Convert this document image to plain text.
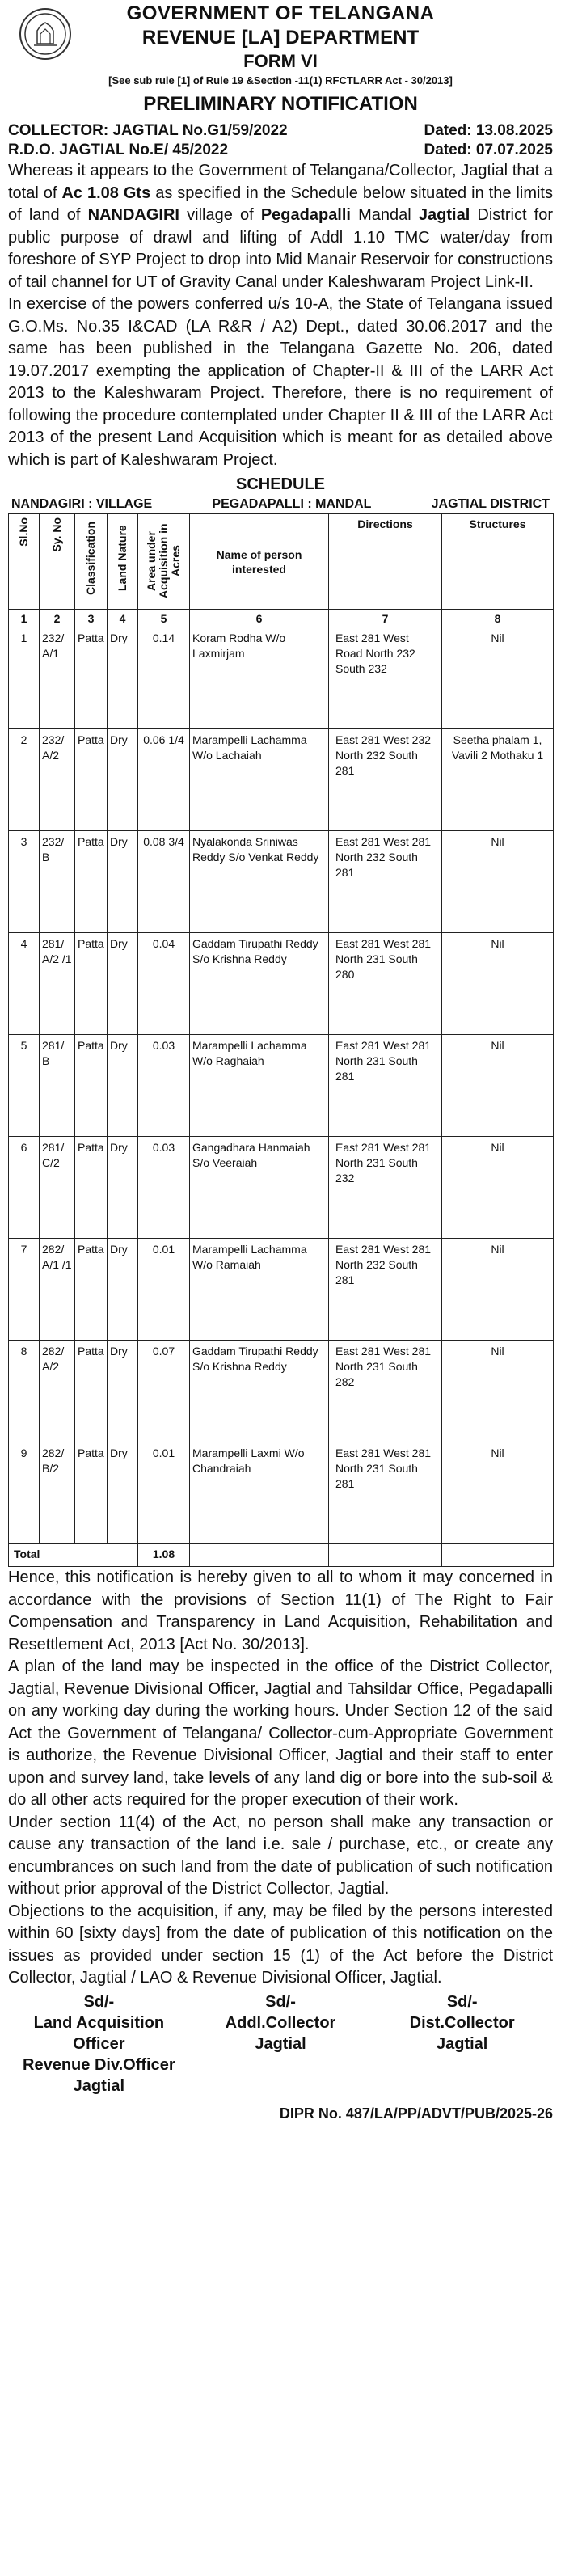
GOVERNMENT OF TELANGANA
REVENUE [LA] DEPARTMENT
FORM VI
[See sub rule [1] of Rule 19 &Section -11(1) RFCTLARR Act - 30/2013]
PRELIMINARY NOTIFICATION
COLLECTOR: JAGTIAL No.G1/59/2022	Dated: 13.08.2025
R.D.O. JAGTIAL No.E/ 45/2022	Dated: 07.07.2025

Whereas it appears to the Government of Telangana/Collector, Jagtial that a total of Ac 1.08 Gts as specified in the Schedule below situated in the limits of land of NANDAGIRI village of Pegadapalli Mandal Jagtial District for public purpose of drawl and lifting of Addl 1.10 TMC water/day from foreshore of SYP Project to drop into Mid Manair Reservoir for constructions of tail channel for UT of Gravity Canal under Kaleshwaram Project Link-II.

In exercise of the powers conferred u/s 10-A, the State of Telangana issued G.O.Ms. No.35 I&CAD (LA R&R / A2) Dept., dated 30.06.2017 and the same has been published in the Telangana Gazette No. 206, dated 19.07.2017 exempting the application of Chapter-II & III of the LARR Act 2013 to the Kaleshwaram Project. Therefore, there is no requirement of following the procedure contemplated under Chapter II & III of the LARR Act 2013 of the present Land Acquisition which is meant for as detailed above which is part of Kaleshwaram Project.

SCHEDULE
NANDAGIRI : VILLAGE	PEGADAPALLI : MANDAL	JAGTIAL DISTRICT
Sl.No	Sy. No	Classification	Land Nature	Area under Acquisition in Acres	Name of person interested	Directions	Structures
1	2	3	4	5	6	7	8
1	232/ A/1	Patta	Dry	0.14	Koram Rodha W/o Laxmirjam	East 281 West Road North 232 South 232	Nil
2	232/ A/2	Patta	Dry	0.06 1/4	Marampelli Lachamma W/o Lachaiah	East 281 West 232 North 232 South 281	Seetha phalam 1, Vavili 2 Mothaku 1
3	232/ B	Patta	Dry	0.08 3/4	Nyalakonda Sriniwas Reddy S/o Venkat Reddy	East 281 West 281 North 232 South 281	Nil
4	281/ A/2 /1	Patta	Dry	0.04	Gaddam Tirupathi Reddy S/o Krishna Reddy	East 281 West 281 North 231 South 280	Nil
5	281/ B	Patta	Dry	0.03	Marampelli Lachamma W/o Raghaiah	East 281 West 281 North 231 South 281	Nil
6	281/ C/2	Patta	Dry	0.03	Gangadhara Hanmaiah S/o Veeraiah	East 281 West 281 North 231 South 232	Nil
7	282/ A/1 /1	Patta	Dry	0.01	Marampelli Lachamma W/o Ramaiah	East 281 West 281 North 232 South 281	Nil
8	282/ A/2	Patta	Dry	0.07	Gaddam Tirupathi Reddy S/o Krishna Reddy	East 281 West 281 North 231 South 282	Nil
9	282/ B/2	Patta	Dry	0.01	Marampelli Laxmi W/o Chandraiah	East 281 West 281 North 231 South 281	Nil
Total				1.08			

Hence, this notification is hereby given to all to whom it may concerned in accordance with the provisions of Section 11(1) of The Right to Fair Compensation and Transparency in Land Acquisition, Rehabilitation and Resettlement Act, 2013 [Act No. 30/2013].

A plan of the land may be inspected in the office of the District Collector, Jagtial, Revenue Divisional Officer, Jagtial and Tahsildar Office, Pegadapalli on any working day during the working hours. Under Section 12 of the said Act the Government of Telangana/ Collector-cum-Appropriate Government is authorize, the Revenue Divisional Officer, Jagtial and their staff to enter upon and survey land, take levels of any land dig or bore into the sub-soil & do all other acts required for the proper execution of their work.

Under section 11(4) of the Act, no person shall make any transaction or cause any transaction of the land i.e. sale / purchase, etc., or create any encumbrances on such land from the date of publication of such notification without prior approval of the District Collector, Jagtial.

Objections to the acquisition, if any, may be filed by the persons interested within 60 [sixty days] from the date of publication of this notification on the issues as provided under section 15 (1) of the Act before the District Collector, Jagtial / LAO & Revenue Divisional Officer, Jagtial.

Sd/-
Land Acquisition Officer
Revenue Div.Officer
Jagtial
Sd/-
Addl.Collector
Jagtial
Sd/-
Dist.Collector
Jagtial
DIPR No. 487/LA/PP/ADVT/PUB/2025-26
